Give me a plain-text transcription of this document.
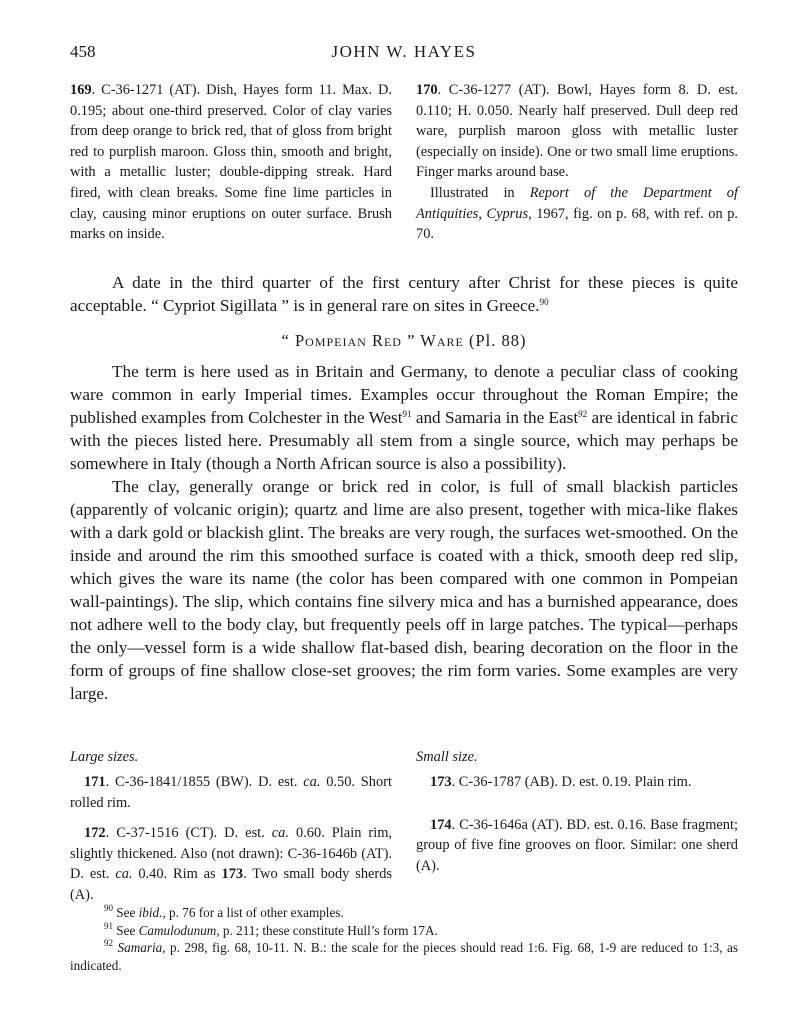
458	JOHN W. HAYES

169. C-36-1271 (AT). Dish, Hayes form 11. Max. D. 0.195; about one-third preserved. Color of clay varies from deep orange to brick red, that of gloss from bright red to purplish maroon. Gloss thin, smooth and bright, with a metallic luster; double-dipping streak. Hard fired, with clean breaks. Some fine lime particles in clay, causing minor eruptions on outer surface. Brush marks on inside.

170. C-36-1277 (AT). Bowl, Hayes form 8. D. est. 0.110; H. 0.050. Nearly half preserved. Dull deep red ware, purplish maroon gloss with metallic luster (especially on inside). One or two small lime eruptions. Finger marks around base.

Illustrated in Report of the Department of Antiquities, Cyprus, 1967, fig. on p. 68, with ref. on p. 70.

A date in the third quarter of the first century after Christ for these pieces is quite acceptable. “ Cypriot Sigillata ” is in general rare on sites in Greece.$^{90}$

“ Pompeian Red ” Ware (Pl. 88)

The term is here used as in Britain and Germany, to denote a peculiar class of cooking ware common in early Imperial times. Examples occur throughout the Roman Empire; the published examples from Colchester in the West$^{91}$ and Samaria in the East$^{92}$ are identical in fabric with the pieces listed here. Presumably all stem from a single source, which may perhaps be somewhere in Italy (though a North African source is also a possibility).

The clay, generally orange or brick red in color, is full of small blackish particles (apparently of volcanic origin); quartz and lime are also present, together with mica-like flakes with a dark gold or blackish glint. The breaks are very rough, the surfaces wet-smoothed. On the inside and around the rim this smoothed surface is coated with a thick, smooth deep red slip, which gives the ware its name (the color has been compared with one common in Pompeian wall-paintings). The slip, which contains fine silvery mica and has a burnished appearance, does not adhere well to the body clay, but frequently peels off in large patches. The typical—perhaps the only—vessel form is a wide shallow flat-based dish, bearing decoration on the floor in the form of groups of fine shallow close-set grooves; the rim form varies. Some examples are very large.

Large sizes.

171. C-36-1841/1855 (BW). D. est. ca. 0.50. Short rolled rim.

172. C-37-1516 (CT). D. est. ca. 0.60. Plain rim, slightly thickened. Also (not drawn): C-36-1646b (AT). D. est. ca. 0.40. Rim as 173. Two small body sherds (A).

Small size.

173. C-36-1787 (AB). D. est. 0.19. Plain rim.

174. C-36-1646a (AT). BD. est. 0.16. Base fragment; group of five fine grooves on floor. Similar: one sherd (A).

$^{90}$ See ibid., p. 76 for a list of other examples.

$^{91}$ See Camulodunum, p. 211; these constitute Hull’s form 17A.

$^{92}$ Samaria, p. 298, fig. 68, 10-11. N. B.: the scale for the pieces should read 1:6. Fig. 68, 1-9 are reduced to 1:3, as indicated.
